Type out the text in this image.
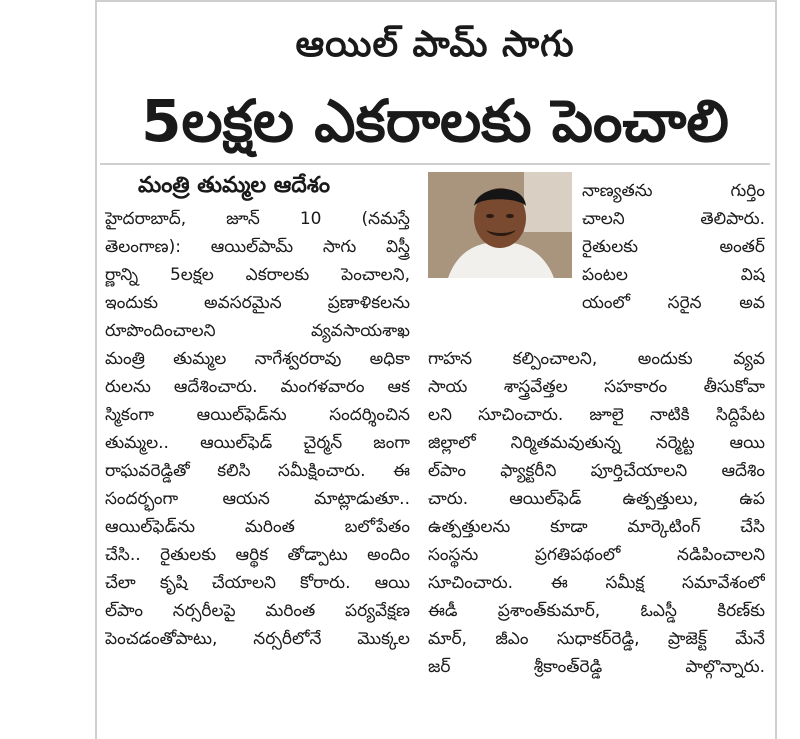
ఆయిల్ పామ్ సాగు
5లక్షల ఎకరాలకు పెంచాలి
మంత్రి తుమ్మల ఆదేశం
హైదరాబాద్, జూన్ 10 (నమస్తే
తెలంగాణ): ఆయిల్‌పామ్ సాగు విస్త్రీ
ర్ణాన్ని 5లక్షల ఎకరాలకు పెంచాలని,
ఇందుకు అవసరమైన ప్రణాళికలను
రూపొందించాలని వ్యవసాయశాఖ
మంత్రి తుమ్మల నాగేశ్వరరావు అధికా
రులను ఆదేశించారు. మంగళవారం ఆక
స్మికంగా ఆయిల్‌ఫెడ్‌ను సందర్శించిన
తుమ్మల.. ఆయిల్‌ఫెడ్ చైర్మన్ జంగా
రాఘవరెడ్డితో కలిసి సమీక్షించారు. ఈ
సందర్భంగా ఆయన మాట్లాడుతూ..
ఆయిల్‌ఫెడ్‌ను మరింత బలోపేతం
చేసి.. రైతులకు ఆర్థిక తోడ్పాటు అందిం
చేలా కృషి చేయాలని కోరారు. ఆయి
ల్‌పాం నర్సరీలపై మరింత పర్యవేక్షణ
పెంచడంతోపాటు, నర్సరీలోనే మొక్కల
నాణ్యతను గుర్తిం
చాలని తెలిపారు.
రైతులకు అంతర్
పంటల విష
యంలో సరైన అవ
గాహన కల్పించాలని, అందుకు వ్యవ
సాయ శాస్త్రవేత్తల సహకారం తీసుకోవా
లని సూచించారు. జూలై నాటికి సిద్దిపేట
జిల్లాలో నిర్మితమవుతున్న నర్మెట్ట ఆయి
ల్‌పాం ఫ్యాక్టరీని పూర్తిచేయాలని ఆదేశిం
చారు. ఆయిల్‌ఫెడ్ ఉత్పత్తులు, ఉప
ఉత్పత్తులను కూడా మార్కెటింగ్ చేసి
సంస్థను ప్రగతిపథంలో నడిపించాలని
సూచించారు. ఈ సమీక్ష సమావేశంలో
ఈడీ ప్రశాంత్‌కుమార్, ఓఎస్డీ కిరణ్‌కు
మార్, జీఎం సుధాకర్‌రెడ్డి, ప్రాజెక్ట్ మేనే
జర్ శ్రీకాంత్‌రెడ్డి పాల్గొన్నారు.
